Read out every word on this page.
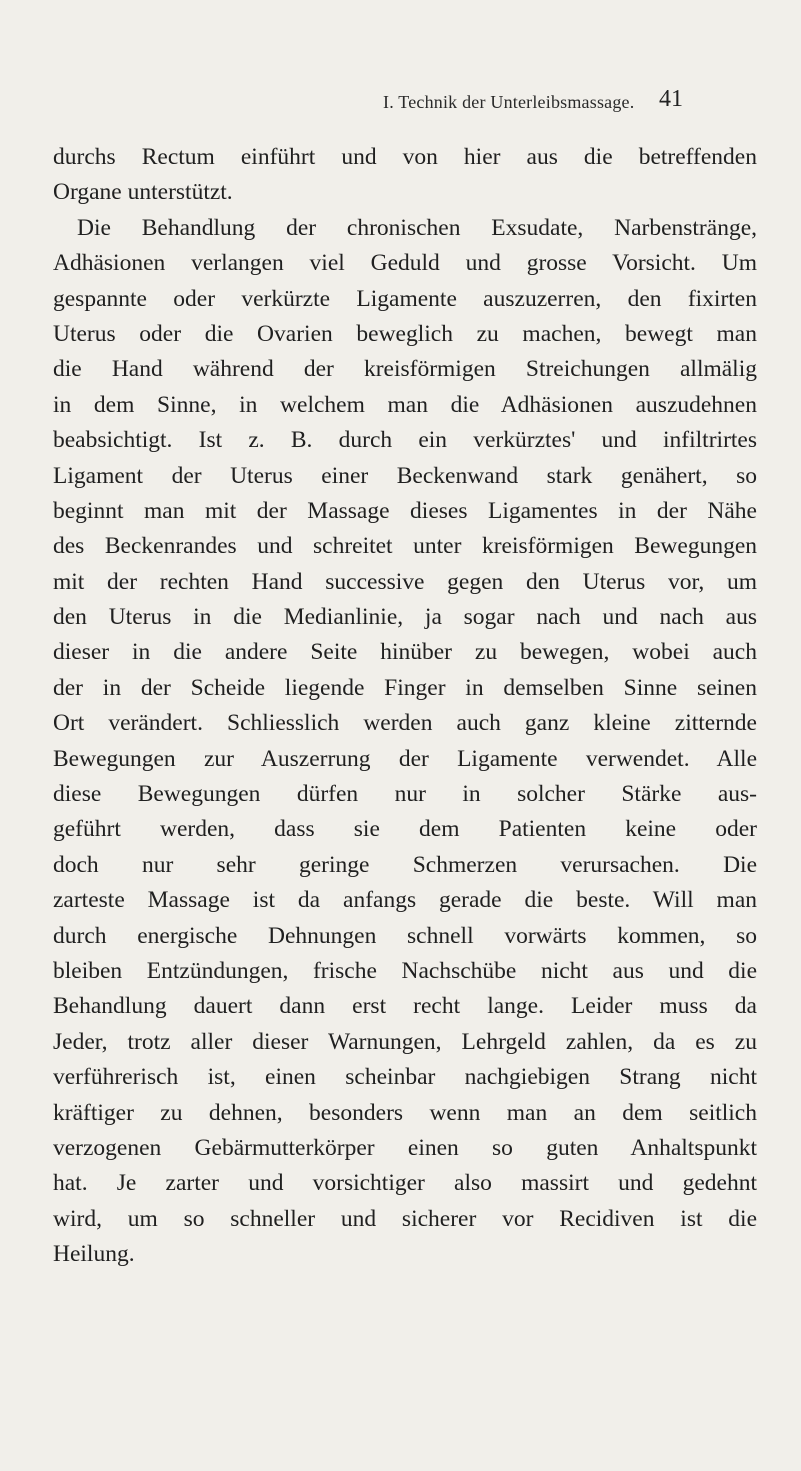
I. Technik der Unterleibsmassage. 41
durchs Rectum einführt und von hier aus die betreffenden
Organe unterstützt.
Die Behandlung der chronischen Exsudate, Narbenstränge,
Adhäsionen verlangen viel Geduld und grosse Vorsicht. Um
gespannte oder verkürzte Ligamente auszuzerren, den fixirten
Uterus oder die Ovarien beweglich zu machen, bewegt man
die Hand während der kreisförmigen Streichungen allmälig
in dem Sinne, in welchem man die Adhäsionen auszudehnen
beabsichtigt. Ist z. B. durch ein verkürztes' und infiltrirtes
Ligament der Uterus einer Beckenwand stark genähert, so
beginnt man mit der Massage dieses Ligamentes in der Nähe
des Beckenrandes und schreitet unter kreisförmigen Bewegungen
mit der rechten Hand successive gegen den Uterus vor, um
den Uterus in die Medianlinie, ja sogar nach und nach aus
dieser in die andere Seite hinüber zu bewegen, wobei auch
der in der Scheide liegende Finger in demselben Sinne seinen
Ort verändert. Schliesslich werden auch ganz kleine zitternde
Bewegungen zur Auszerrung der Ligamente verwendet. Alle
diese Bewegungen dürfen nur in solcher Stärke aus-
geführt werden, dass sie dem Patienten keine oder
doch nur sehr geringe Schmerzen verursachen. Die
zarteste Massage ist da anfangs gerade die beste. Will man
durch energische Dehnungen schnell vorwärts kommen, so
bleiben Entzündungen, frische Nachschübe nicht aus und die
Behandlung dauert dann erst recht lange. Leider muss da
Jeder, trotz aller dieser Warnungen, Lehrgeld zahlen, da es zu
verführerisch ist, einen scheinbar nachgiebigen Strang nicht
kräftiger zu dehnen, besonders wenn man an dem seitlich
verzogenen Gebärmutterkörper einen so guten Anhaltspunkt
hat. Je zarter und vorsichtiger also massirt und gedehnt
wird, um so schneller und sicherer vor Recidiven ist die
Heilung.
